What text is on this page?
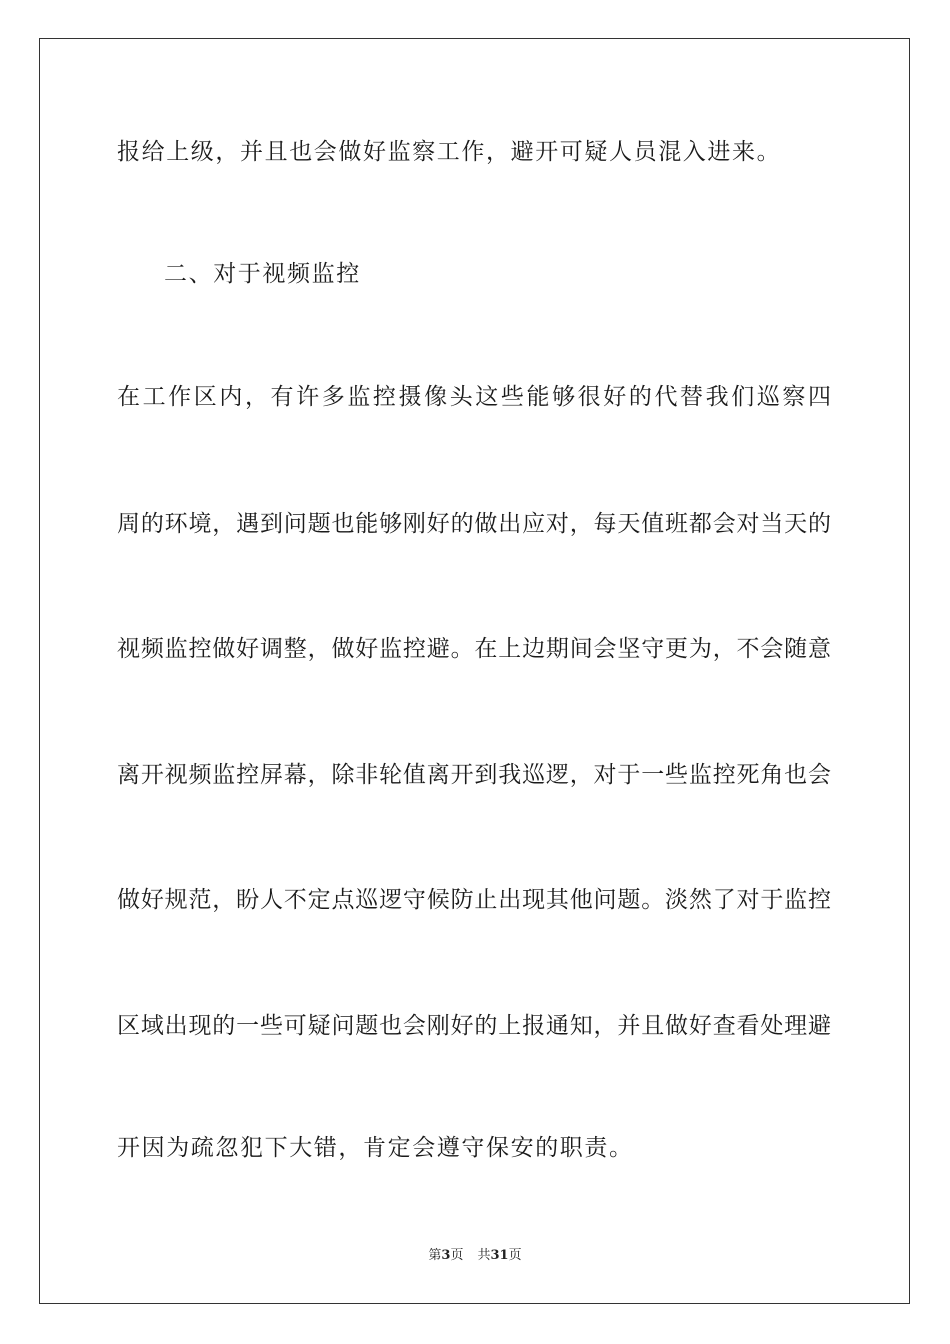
报给上级，并且也会做好监察工作，避开可疑人员混入进来。
二、对于视频监控
在工作区内，有许多监控摄像头这些能够很好的代替我们巡察四
周的环境，遇到问题也能够刚好的做出应对，每天值班都会对当天的
视频监控做好调整，做好监控避。在上边期间会坚守更为，不会随意
离开视频监控屏幕，除非轮值离开到我巡逻，对于一些监控死角也会
做好规范，盼人不定点巡逻守候防止出现其他问题。淡然了对于监控
区域出现的一些可疑问题也会刚好的上报通知，并且做好查看处理避
开因为疏忽犯下大错，肯定会遵守保安的职责。
第3页 共31页
